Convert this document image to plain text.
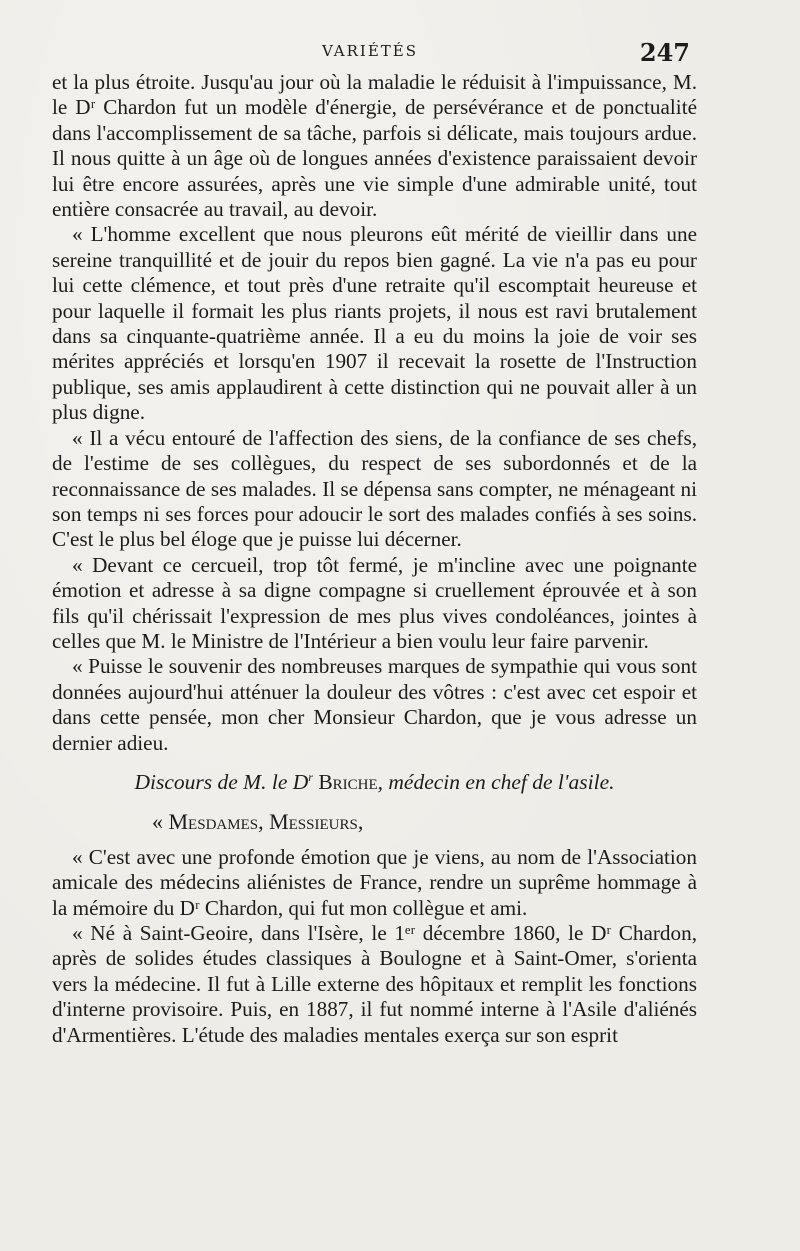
VARIÉTÉS	247

et la plus étroite. Jusqu'au jour où la maladie le réduisit à l'impuissance, M. le Dʳ Chardon fut un modèle d'énergie, de persévérance et de ponctualité dans l'accomplissement de sa tâche, parfois si délicate, mais toujours ardue. Il nous quitte à un âge où de longues années d'existence paraissaient devoir lui être encore assurées, après une vie simple d'une admirable unité, tout entière consacrée au travail, au devoir.

« L'homme excellent que nous pleurons eût mérité de vieillir dans une sereine tranquillité et de jouir du repos bien gagné. La vie n'a pas eu pour lui cette clémence, et tout près d'une retraite qu'il escomptait heureuse et pour laquelle il formait les plus riants projets, il nous est ravi brutalement dans sa cinquante-quatrième année. Il a eu du moins la joie de voir ses mérites appréciés et lorsqu'en 1907 il recevait la rosette de l'Instruction publique, ses amis applaudirent à cette distinction qui ne pouvait aller à un plus digne.

« Il a vécu entouré de l'affection des siens, de la confiance de ses chefs, de l'estime de ses collègues, du respect de ses subordonnés et de la reconnaissance de ses malades. Il se dépensa sans compter, ne ménageant ni son temps ni ses forces pour adoucir le sort des malades confiés à ses soins. C'est le plus bel éloge que je puisse lui décerner.

« Devant ce cercueil, trop tôt fermé, je m'incline avec une poignante émotion et adresse à sa digne compagne si cruellement éprouvée et à son fils qu'il chérissait l'expression de mes plus vives condoléances, jointes à celles que M. le Ministre de l'Intérieur a bien voulu leur faire parvenir.

« Puisse le souvenir des nombreuses marques de sympathie qui vous sont données aujourd'hui atténuer la douleur des vôtres : c'est avec cet espoir et dans cette pensée, mon cher Monsieur Chardon, que je vous adresse un dernier adieu.

Discours de M. le $D^r$ Briche, médecin en chef de l'asile.
« Mesdames, Messieurs,

« C'est avec une profonde émotion que je viens, au nom de l'Association amicale des médecins aliénistes de France, rendre un suprême hommage à la mémoire du Dʳ Chardon, qui fut mon collègue et ami.

« Né à Saint-Geoire, dans l'Isère, le 1ᵉʳ décembre 1860, le Dʳ Chardon, après de solides études classiques à Boulogne et à Saint-Omer, s'orienta vers la médecine. Il fut à Lille externe des hôpitaux et remplit les fonctions d'interne provisoire. Puis, en 1887, il fut nommé interne à l'Asile d'aliénés d'Armentières. L'étude des maladies mentales exerça sur son esprit
